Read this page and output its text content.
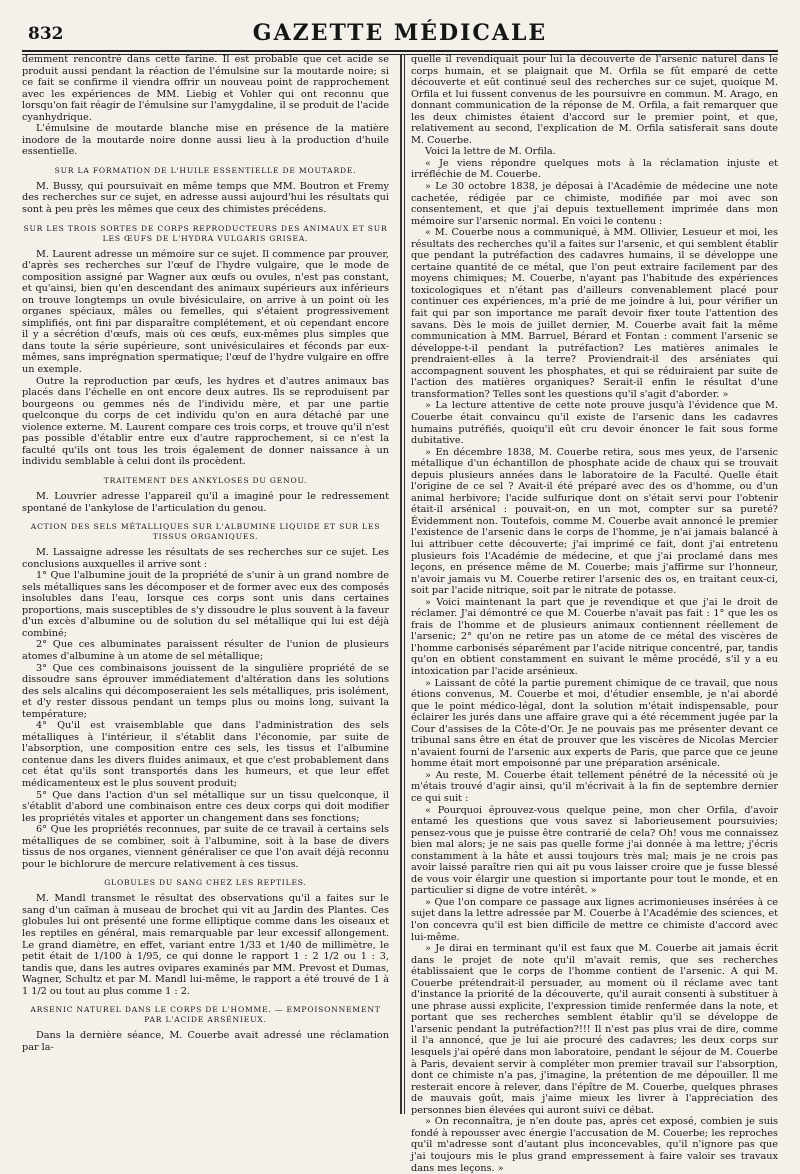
832	GAZETTE MÉDICALE

demment rencontré dans cette farine. Il est probable que cet acide se produit aussi pendant la réaction de l'émulsine sur la moutarde noire; si ce fait se confirme il viendra offrir un nouveau point de rapprochement avec les expériences de MM. Liebig et Vohler qui ont reconnu que lorsqu'on fait réagir de l'émulsine sur l'amygdaline, il se produit de l'acide cyanhydrique.

L'émulsine de moutarde blanche mise en présence de la matière inodore de la moutarde noire donne aussi lieu à la production d'huile essentielle.

SUR LA FORMATION DE L'HUILE ESSENTIELLE DE MOUTARDE.

M. Bussy, qui poursuivait en même temps que MM. Boutron et Fremy des recherches sur ce sujet, en adresse aussi aujourd'hui les résultats qui sont à peu près les mêmes que ceux des chimistes précédens.

SUR LES TROIS SORTES DE CORPS REPRODUCTEURS DES ANIMAUX ET SUR LES ŒUFS DE L'HYDRA VULGARIS GRISEA.

M. Laurent adresse un mémoire sur ce sujet. Il commence par prouver, d'après ses recherches sur l'œuf de l'hydre vulgaire, que le mode de composition assigné par Wagner aux œufs ou ovules, n'est pas constant, et qu'ainsi, bien qu'en descendant des animaux supérieurs aux inférieurs on trouve longtemps un ovule bivésiculaire, on arrive à un point où les organes spéciaux, mâles ou femelles, qui s'étaient progressivement simplifiés, ont fini par disparaître complétement, et où cependant encore il y a sécrétion d'œufs, mais où ces œufs, eux-mêmes plus simples que dans toute la série supérieure, sont univésiculaires et féconds par eux-mêmes, sans imprégnation spermatique; l'œuf de l'hydre vulgaire en offre un exemple.

Outre la reproduction par œufs, les hydres et d'autres animaux bas placés dans l'échelle en ont encore deux autres. Ils se reproduisent par bourgeons ou gemmes nés de l'individu mère, et par une partie quelconque du corps de cet individu qu'on en aura détaché par une violence externe. M. Laurent compare ces trois corps, et trouve qu'il n'est pas possible d'établir entre eux d'autre rapprochement, si ce n'est la faculté qu'ils ont tous les trois également de donner naissance à un individu semblable à celui dont ils procèdent.

TRAITEMENT DES ANKYLOSES DU GENOU.

M. Louvrier adresse l'appareil qu'il a imaginé pour le redressement spontané de l'ankylose de l'articulation du genou.

ACTION DES SELS MÉTALLIQUES SUR L'ALBUMINE LIQUIDE ET SUR LES TISSUS ORGANIQUES.

M. Lassaigne adresse les résultats de ses recherches sur ce sujet. Les conclusions auxquelles il arrive sont :

1° Que l'albumine jouit de la propriété de s'unir à un grand nombre de sels métalliques sans les décomposer et de former avec eux des composés insolubles dans l'eau, lorsque ces corps sont unis dans certaines proportions, mais susceptibles de s'y dissoudre le plus souvent à la faveur d'un excès d'albumine ou de solution du sel métallique qui lui est déjà combiné;

2° Que ces albuminates paraissent résulter de l'union de plusieurs atomes d'albumine à un atome de sel métallique;

3° Que ces combinaisons jouissent de la singulière propriété de se dissoudre sans éprouver immédiatement d'altération dans les solutions des sels alcalins qui décomposeraient les sels métalliques, pris isolément, et d'y rester dissous pendant un temps plus ou moins long, suivant la température;

4° Qu'il est vraisemblable que dans l'administration des sels métalliques à l'intérieur, il s'établit dans l'économie, par suite de l'absorption, une composition entre ces sels, les tissus et l'albumine contenue dans les divers fluides animaux, et que c'est probablement dans cet état qu'ils sont transportés dans les humeurs, et que leur effet médicamenteux est le plus souvent produit;

5° Que dans l'action d'un sel métallique sur un tissu quelconque, il s'établit d'abord une combinaison entre ces deux corps qui doit modifier les propriétés vitales et apporter un changement dans ses fonctions;

6° Que les propriétés reconnues, par suite de ce travail à certains sels métalliques de se combiner, soit à l'albumine, soit à la base de divers tissus de nos organes, viennent généraliser ce que l'on avait déjà reconnu pour le bichlorure de mercure relativement à ces tissus.

GLOBULES DU SANG CHEZ LES REPTILES.

M. Mandl transmet le résultat des observations qu'il a faites sur le sang d'un caïman à museau de brochet qui vit au Jardin des Plantes. Ces globules lui ont présenté une forme elliptique comme dans les oiseaux et les reptiles en général, mais remarquable par leur excessif allongement. Le grand diamètre, en effet, variant entre 1/33 et 1/40 de millimètre, le petit était de 1/100 à 1/95, ce qui donne le rapport 1 : 2 1/2 ou 1 : 3, tandis que, dans les autres ovipares examinés par MM. Prevost et Dumas, Wagner, Schultz et par M. Mandl lui-même, le rapport a été trouvé de 1 à 1 1/2 ou tout au plus comme 1 : 2.

ARSENIC NATUREL DANS LE CORPS DE L'HOMME. — EMPOISONNEMENT PAR L'ACIDE ARSÉNIEUX.

Dans la dernière séance, M. Couerbe avait adressé une réclamation par la-

quelle il revendiquait pour lui la découverte de l'arsenic naturel dans le corps humain, et se plaignait que M. Orfila se fût emparé de cette découverte et eût continué seul des recherches sur ce sujet, quoique M. Orfila et lui fussent convenus de les poursuivre en commun. M. Arago, en donnant communication de la réponse de M. Orfila, a fait remarquer que les deux chimistes étaient d'accord sur le premier point, et que, relativement au second, l'explication de M. Orfila satisferait sans doute M. Couerbe.

Voici la lettre de M. Orfila.

« Je viens répondre quelques mots à la réclamation injuste et irréfléchie de M. Couerbe.

» Le 30 octobre 1838, je déposai à l'Académie de médecine une note cachetée, rédigée par ce chimiste, modifiée par moi avec son consentement, et que j'ai depuis textuellement imprimée dans mon mémoire sur l'arsenic normal. En voici le contenu :

« M. Couerbe nous a communiqué, à MM. Ollivier, Lesueur et moi, les résultats des recherches qu'il a faites sur l'arsenic, et qui semblent établir que pendant la putréfaction des cadavres humains, il se développe une certaine quantité de ce métal, que l'on peut extraire facilement par des moyens chimiques; M. Couerbe, n'ayant pas l'habitude des expériences toxicologiques et n'étant pas d'ailleurs convenablement placé pour continuer ces expériences, m'a prié de me joindre à lui, pour vérifier un fait qui par son importance me paraît devoir fixer toute l'attention des savans. Dès le mois de juillet dernier, M. Couerbe avait fait la même communication à MM. Barruel, Bérard et Fontan : comment l'arsenic se développe-t-il pendant la putréfaction? Les matières animales le prendraient-elles à la terre? Proviendrait-il des arséniates qui accompagnent souvent les phosphates, et qui se réduiraient par suite de l'action des matières organiques? Serait-il enfin le résultat d'une transformation? Telles sont les questions qu'il s'agit d'aborder. »

» La lecture attentive de cette note prouve jusqu'à l'évidence que M. Couerbe était convaincu qu'il existe de l'arsenic dans les cadavres humains putréfiés, quoiqu'il eût cru devoir énoncer le fait sous forme dubitative.

» En décembre 1838, M. Couerbe retira, sous mes yeux, de l'arsenic métallique d'un échantillon de phosphate acide de chaux qui se trouvait depuis plusieurs années dans le laboratoire de la Faculté. Quelle était l'origine de ce sel ? Avait-il été préparé avec des os d'homme, ou d'un animal herbivore; l'acide sulfurique dont on s'était servi pour l'obtenir était-il arsénical : pouvait-on, en un mot, compter sur sa pureté? Évidemment non. Toutefois, comme M. Couerbe avait annoncé le premier l'existence de l'arsenic dans le corps de l'homme, je n'ai jamais balancé à lui attribuer cette découverte; j'ai imprimé ce fait, dont j'ai entretenu plusieurs fois l'Académie de médecine, et que j'ai proclamé dans mes leçons, en présence même de M. Couerbe; mais j'affirme sur l'honneur, n'avoir jamais vu M. Couerbe retirer l'arsenic des os, en traitant ceux-ci, soit par l'acide nitrique, soit par le nitrate de potasse.

» Voici maintenant la part que je revendique et que j'ai le droit de réclamer. J'ai démontré ce que M. Couerbe n'avait pas fait : 1° que les os frais de l'homme et de plusieurs animaux contiennent réellement de l'arsenic; 2° qu'on ne retire pas un atome de ce métal des viscères de l'homme carbonisés séparément par l'acide nitrique concentré, par, tandis qu'on en obtient constamment en suivant le même procédé, s'il y a eu intoxication par l'acide arsénieux.

» Laissant de côté la partie purement chimique de ce travail, que nous étions convenus, M. Couerbe et moi, d'étudier ensemble, je n'ai abordé que le point médico-légal, dont la solution m'était indispensable, pour éclairer les jurés dans une affaire grave qui a été récemment jugée par la Cour d'assises de la Côte-d'Or. Je ne pouvais pas me présenter devant ce tribunal sans être en état de prouver que les viscères de Nicolas Mercier n'avaient fourni de l'arsenic aux experts de Paris, que parce que ce jeune homme était mort empoisonné par une préparation arsénicale.

» Au reste, M. Couerbe était tellement pénétré de la nécessité où je m'étais trouvé d'agir ainsi, qu'il m'écrivait à la fin de septembre dernier ce qui suit :

« Pourquoi éprouvez-vous quelque peine, mon cher Orfila, d'avoir entamé les questions que vous savez si laborieusement poursuivies; pensez-vous que je puisse être contrarié de cela? Oh! vous me connaissez bien mal alors; je ne sais pas quelle forme j'ai donnée à ma lettre; j'écris constamment à la hâte et aussi toujours très mal; mais je ne crois pas avoir laissé paraître rien qui ait pu vous laisser croire que je fusse blessé de vous voir élargir une question si importante pour tout le monde, et en particulier si digne de votre intérêt. »

» Que l'on compare ce passage aux lignes acrimonieuses insérées à ce sujet dans la lettre adressée par M. Couerbe à l'Académie des sciences, et l'on concevra qu'il est bien difficile de mettre ce chimiste d'accord avec lui-même.

» Je dirai en terminant qu'il est faux que M. Couerbe ait jamais écrit dans le projet de note qu'il m'avait remis, que ses recherches établissaient que le corps de l'homme contient de l'arsenic. A qui M. Couerbe prétendrait-il persuader, au moment où il réclame avec tant d'instance la priorité de la découverte, qu'il aurait consenti à substituer à une phrase aussi explicite, l'expression timide renfermée dans la note, et portant que ses recherches semblent établir qu'il se développe de l'arsenic pendant la putréfaction?!!! Il n'est pas plus vrai de dire, comme il l'a annoncé, que je lui aie procuré des cadavres; les deux corps sur lesquels j'ai opéré dans mon laboratoire, pendant le séjour de M. Couerbe à Paris, devaient servir à compléter mon premier travail sur l'absorption, dont ce chimiste n'a pas, j'imagine, la prétention de me dépouiller. Il me resterait encore à relever, dans l'épître de M. Couerbe, quelques phrases de mauvais goût, mais j'aime mieux les livrer à l'appréciation des personnes bien élevées qui auront suivi ce débat.

» On reconnaîtra, je n'en doute pas, après cet exposé, combien je suis fondé à repousser avec énergie l'accusation de M. Couerbe; les reproches qu'il m'adresse sont d'autant plus inconcevables, qu'il n'ignore pas que j'ai toujours mis le plus grand empressement à faire valoir ses travaux dans mes leçons. »
